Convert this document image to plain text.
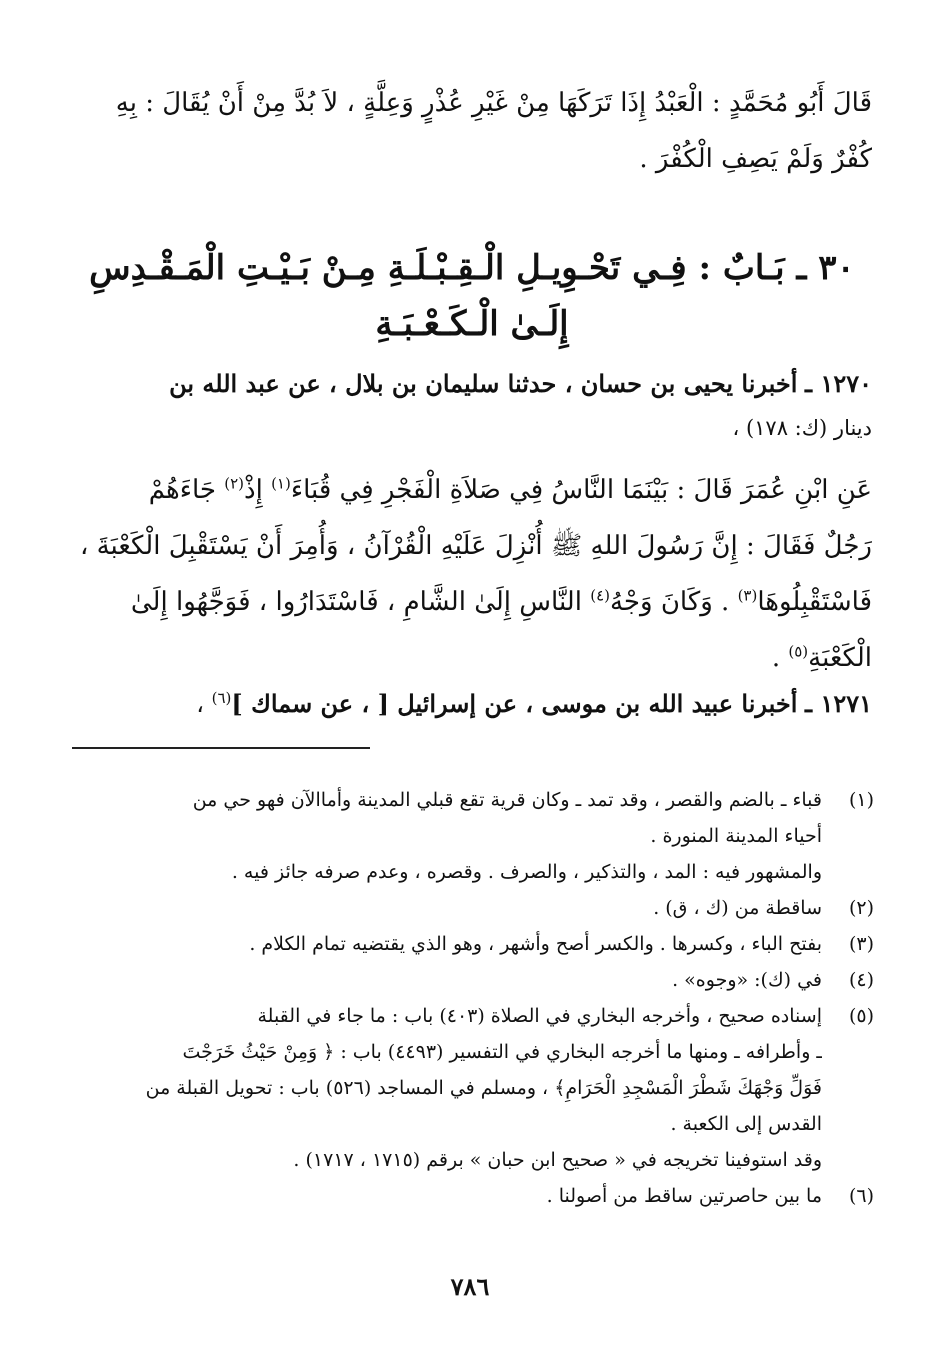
قَالَ أَبُو مُحَمَّدٍ : الْعَبْدُ إِذَا تَرَكَهَا مِنْ غَيْرِ عُذْرٍ وَعِلَّةٍ ، لاَ بُدَّ مِنْ أَنْ يُقَالَ : بِهِ
كُفْرٌ وَلَمْ يَصِفِ الْكُفْرَ .
٣٠ ـ بَـابٌ : فِـي تَحْـوِيـلِ الْـقِـبْـلَـةِ مِـنْ بَـيْـتِ الْمَـقْـدِسِ
إِلَـىٰ الْـكَـعْـبَـةِ
١٢٧٠ ـ أخبرنا يحيى بن حسان ، حدثنا سليمان بن بلال ، عن عبد الله بن
دينار (ك: ١٧٨) ،
عَنِ ابْنِ عُمَرَ قَالَ : بَيْنَمَا النَّاسُ فِي صَلاَةِ الْفَجْرِ فِي قُبَاءَ$^{(١)}$ إِذْ$^{(٢)}$ جَاءَهُمْ
رَجُلٌ فَقَالَ : إِنَّ رَسُولَ اللهِ ﷺ أُنْزِلَ عَلَيْهِ الْقُرْآنُ ، وَأُمِرَ أَنْ يَسْتَقْبِلَ الْكَعْبَةَ ،
فَاسْتَقْبِلُوهَا$^{(٣)}$ . وَكَانَ وَجْهُ$^{(٤)}$ النَّاسِ إِلَىٰ الشَّامِ ، فَاسْتَدَارُوا ، فَوَجَّهُوا إِلَىٰ
الْكَعْبَةِ$^{(٥)}$ .
١٢٧١ ـ أخبرنا عبيد الله بن موسى ، عن إسرائيل [ ، عن سماك ]$^{(٦)}$ ،
(١)
قباء ـ بالضم والقصر ، وقد تمد ـ وكان قرية تقع قبلي المدينة وأماالآن فهو حي من
أحياء المدينة المنورة .
والمشهور فيه : المد ، والتذكير ، والصرف . وقصره ، وعدم صرفه جائز فيه .
(٢)
ساقطة من (ك ، ق) .
(٣)
بفتح الباء ، وكسرها . والكسر أصح وأشهر ، وهو الذي يقتضيه تمام الكلام .
(٤)
في (ك): «وجوه» .
(٥)
إسناده صحيح ، وأخرجه البخاري في الصلاة (٤٠٣) باب : ما جاء في القبلة
ـ وأطرافه ـ ومنها ما أخرجه البخاري في التفسير (٤٤٩٣) باب : ﴿ وَمِنْ حَيْثُ خَرَجْتَ
فَوَلِّ وَجْهَكَ شَطْرَ الْمَسْجِدِ الْحَرَامِ﴾ ، ومسلم في المساجد (٥٢٦) باب : تحويل القبلة من
القدس إلى الكعبة .
وقد استوفينا تخريجه في « صحيح ابن حبان » برقم (١٧١٥ ، ١٧١٧) .
(٦)
ما بين حاصرتين ساقط من أصولنا .
٧٨٦
